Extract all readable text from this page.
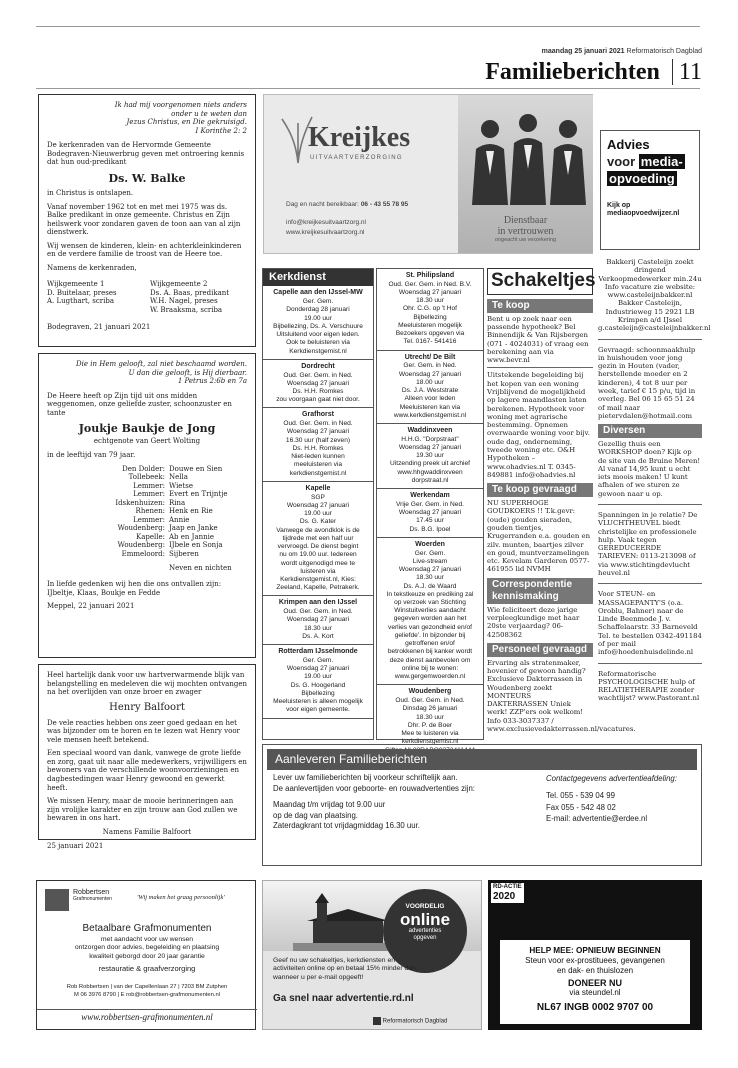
maandag 25 januari 2021 Reformatorisch Dagblad
Familieberichten 11
Ik had mij voorgenomen niets anders
onder u te weten dan
Jezus Christus, en Die gekruisigd.
I Korinthe 2: 2

De kerkenraden van de Hervormde Gemeente Bodegraven-Nieuwerbrug geven met ontroering kennis dat hun oud-predikant

Ds. W. Balke

in Christus is ontslapen.

Vanaf november 1962 tot en met mei 1975 was ds. Balke predikant in onze gemeente. Christus en Zijn heilswerk voor zondaren gaven de toon aan van al zijn dienstwerk.

Wij wensen de kinderen, klein- en achterkleinkinderen en de verdere familie de troost van de Heere toe.

Namens de kerkenraden,

Wijkgemeente 1
D. Buitelaar, preses
A. Lugthart, scriba
Wijkgemeente 2
Ds. A. Baas, predikant
W.H. Nagel, preses
W. Braaksma, scriba
Bodegraven, 21 januari 2021
Die in Hem gelooft, zal niet beschaamd worden.
U dan die gelooft, is Hij dierbaar.
1 Petrus 2:6b en 7a

De Heere heeft op Zijn tijd uit ons midden weggenomen, onze geliefde zuster, schoonzuster en tante

Joukje Baukje de Jong
echtgenote van Geert Wolting

in de leeftijd van 79 jaar.

Den Dolder: Douwe en Sien
Tollebeek: Nella
Lemmer: Wietse
Lemmer: Evert en Trijntje
Idskenhuizen: Rina
Rhenen: Henk en Rie
Lemmer: Annie
Woudenberg: Jaap en Janke
Kapelle: Ab en Jannie
Woudenberg: IJbele en Sonja
Emmeloord: Sijberen
Neven en nichten

In liefde gedenken wij hen die ons ontvallen zijn: IJbeltje, Klaas, Boukje en Fedde

Meppel, 22 januari 2021

Heel hartelijk dank voor uw hartverwarmende blijk van belangstelling en medeleven die wij mochten ontvangen na het overlijden van onze broer en zwager

Henry Balfoort

De vele reacties hebben ons zeer goed gedaan en het was bijzonder om te horen en te lezen wat Henry voor vele mensen heeft betekend.

Een speciaal woord van dank, vanwege de grote liefde en zorg, gaat uit naar alle medewerkers, vrijwilligers en bewoners van de verschillende woonvoorzieningen en dagbestedingen waar Henry gewoond en gewerkt heeft.

We missen Henry, maar de mooie herinneringen aan zijn vrolijke karakter en zijn trouw aan God zullen we bewaren in ons hart.

Namens Familie Balfoort
25 januari 2021
Kreijkes
UITVAARTVERZORGING
Dag en nacht bereikbaar: 06 - 43 55 78 95
info@kreijkesuitvaartzorg.nl
www.kreijkesuitvaartzorg.nl
Dienstbaar
in vertrouwen
ongeacht uw verzekering
Advies
voor media-
opvoeding
Kijk op
mediaopvoedwijzer.nl
Kerkdienst
Capelle aan den IJssel-MW
Ger. Gem.
Donderdag 28 januari
19.00 uur
Bijbellezing, Ds. A. Verschuure
Uitsluitend voor eigen leden.
Ook te beluisteren via
Kerkdienstgemist.nl
Dordrecht
Oud. Ger. Gem. in Ned.
Woensdag 27 januari
Ds. H.H. Romkes
zou voorgaan gaat niet door.
Grafhorst
Oud. Ger. Gem. in Ned.
Woensdag 27 januari
16.30 uur (half zeven)
Ds. H.H. Romkes
Niet-leden kunnen
meeluisteren via
kerkdienstgemist.nl
Kapelle
SGP
Woensdag 27 januari
19.00 uur
Ds. G. Kater
Vanwege de avondklok is de
tijdrede met een half uur
vervroegd. De dienst begint
nu om 19.00 uur. Iedereen
wordt uitgenodigd mee te
luisteren via
Kerkdienstgemist.nl, Kies:
Zeeland, Kapelle, Petrakerk.
Krimpen aan den IJssel
Oud. Ger. Gem. in Ned.
Woensdag 27 januari
18.30 uur
Ds. A. Kort
Rotterdam IJsselmonde
Ger. Gem.
Woensdag 27 januari
19.00 uur
Ds. G. Hoogerland
Bijbellezing
Meeluisteren is alleen mogelijk
voor eigen gemeente.
St. Philipsland
Oud. Ger. Gem. in Ned. B.V.
Woensdag 27 januari
18.30 uur
Ohr. C.G. op 't Hof
Bijbellezing
Meeluisteren mogelijk
Bezoekers opgeven via
Tel. 0167- 541416
Utrecht/ De Bilt
Ger. Gem. in Ned.
Woensdag 27 januari
18.00 uur
Ds. J.A. Weststrate
Alleen voor leden
Meeluisteren kan via
www.kerkdienstgemist.nl
Waddinxveen
H.H.G. "Dorpstraat"
Woensdag 27 januari
19.30 uur
Uitzending preek uit archief
www.hhgwaddinxveen
dorpstraat.nl
Werkendam
Vrije Ger. Gem. in Ned.
Woensdag 27 januari
17.45 uur
Ds. B.G. Ipoel
Woerden
Ger. Gem.
Live-stream
Woensdag 27 januari
18.30 uur
Ds. A.J. de Waard
In tekstkeuze en prediking zal
op verzoek van Stichting
Winstuitverlies aandacht
gegeven worden aan het
verlies van gezondheid en/of
geliefde'. In bijzonder bij
getroffenen en/of
betrokkenen bij kanker wordt
deze dienst aanbevolen om
online bij te wonen:
www.gergemwoerden.nl
Woudenberg
Oud. Ger. Gem. in Ned.
Dinsdag 26 januari
18.30 uur
Dhr. P. de Boer
Mee te luisteren via
kerkdienstgemist.nl

Schakeltjes
Te koop
Bent u op zoek naar een passende hypotheek? Bel Binnendijk & Van Rijsbergen (071 - 4024031) of vraag een berekening aan via www.bevr.nl
Uitstekende begeleiding bij het kopen van een woning Vrijblijvend de mogelijkheid op lagere maandlasten laten berekenen. Hypotheek voor woning met agrarische bestemming. Opnemen overwaarde woning voor bijv. oude dag, onderneming, tweede woning etc. O&H Hypotheken – www.ohadvies.nl T. 0345-849881 info@ohadvies.nl
Te koop gevraagd
NU SUPERHOGE GOUDKOERS !! T.k.gevr: (oude) gouden sieraden, gouden tientjes, Krugerranden e.a. gouden en zilv. munten, baartjes zilver en goud, muntverzamelingen etc. Kevelam Garderen 0577-461955 lid NVMH
Correspondentie kennismaking
Wie feliciteert deze jarige verpleegkundige met haar 20ste verjaardag? 06-42508362
Personeel gevraagd
Ervaring als stratenmaker, hovenier of gewoon handig? Exclusieve Dakterrassen in Woudenberg zoekt MONTEURS DAKTERRASSEN Uniek werk! ZZP'ers ook welkom! Info 033-3037337 / www.exclusievedakterrassen.nl/vacatures.
Bakkerij Casteleijn zoekt dringend Verkoopmedewerker min.24u Info vacature zie website: www.casteleijnbakker.nl Bakker Casteleijn, Industrieweg 15 2921 LB Krimpen a/d IJssel g.casteleijn@casteleijnbakker.nl
Gevraagd: schoonmaakhulp in huishouden voor jong gezin in Houten (vader, herstellende moeder en 2 kinderen), 4 tot 8 uur per week, tarief € 15 p/u, tijd in overleg. Bel 06 15 65 51 24 of mail naar pietervdalen@hotmail.com
Diversen
Gezellig thuis een WORKSHOP doen? Kijk op de site van de Bruine Meren! Al vanaf 14,95 kunt u echt iets moois maken! U kunt afhalen of we sturen ze gewoon naar u op.
Spanningen in je relatie? De VLUCHTHEUVEL biedt christelijke en professionele hulp. Vaak tegen GEREDUCEERDE TARIEVEN: 0113-213098 of via www.stichtingdevlucht heuvel.nl
Voor STEUN- en MASSAGEPANTY'S (o.a. Oroblu, Bahner) naar de Linde Beenmode J. v. Schaffelaarstr. 33 Barneveld Tel. te bestellen 0342-491184 of per mail info@hoedenhuisdelinde.nl
Reformatorische PSYCHOLOGISCHE hulp of RELATIETHERAPIE zonder wachtlijst? www.Pastorant.nl
Aanleveren Familieberichten
Lever uw familieberichten bij voorkeur schriftelijk aan.
De aanlevertijden voor geboorte- en rouwadvertenties zijn:
Maandag t/m vrijdag tot 9.00 uur
op de dag van plaatsing.
Zaterdagkrant tot vrijdagmiddag 16.30 uur.
Contactgegevens advertentieafdeling:
Tel. 055 - 539 04 99
Fax 055 - 542 48 02
E-mail: advertentie@erdee.nl
Robbertsen
Grafmonumenten	'Wij maken het graag persoonlijk'
Betaalbare Grafmonumenten
met aandacht voor uw wensen
ontzorgen door advies, begeleiding en plaatsing
kwaliteit geborgd door 20 jaar garantie
restauratie & graafverzorging
Rob Robbertsen | van der Capellenlaan 27 | 7203 BM Zutphen
M 06 3976 8790 | E rob@robbertsen-grafmonumenten.nl
www.robbertsen-grafmonumenten.nl
VOORDELIG
online
advertenties
opgeven
Geef nu uw schakeltjes, kerkdiensten en activiteiten online op en betaal 15% minder dan wanneer u per e-mail opgeeft!
Ga snel naar advertentie.rd.nl
Reformatorisch Dagblad
RD-ACTIE
2020
HELP MEE: OPNIEUW BEGINNEN
Steun voor ex-prostituees, gevangenen
en dak- en thuislozen
DONEER NU
via steundel.nl
NL67 INGB 0002 9707 00
